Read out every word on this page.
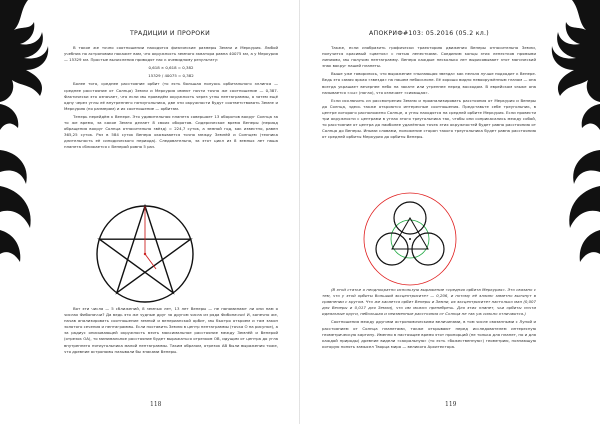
ТРАДИЦИИ И ПРОРОКИ

В такое же точно соотношении находятся физические размеры Земли и Меркурия. Любой учебник по астрономии покажет вам, что окружность земного экватора равна 40075 км, а у Меркурия — 15329 км. Простые вычисления приводят нас к очевидному результату:

0,618 × 0,618 = 0,382

15329 / 40075 = 0,382

Более того, среднее расстояние орбит (то есть большая полуось орбитального эллипса — среднее расстояние от Солнца) Земли и Меркурия имеют почти точно же соотношение — 0,387. Фактически это означает, что если мы проведём окружность через углы пентаграммы, а затем ещё одну через углы её внутреннего пятиугольника, две эти окружности будут соответствовать Земле и Меркурию (по размерам) и их соотношение — орбитам.

Теперь перейдём к Венере. Это удивительная планета совершает 13 оборотов вокруг Солнца за то же время, за какое Земля делает 8 своих оборотов. Сидерическое время Венеры (период обращения вокруг Солнца относительно звёзд) = 224,7 суток, а земной год, как известно, равен 365,25 суток. Раз в 584 суток Венера оказывается точно между Землёй и Солнцем (техника длительность её синодического периода). Следовательно, за этот цикл из 8 земных лет наша планета сближается с Венерой ровно 5 раз.

Вот эти числа — 5 сближений, 8 земных лет, 13 лет Венеры — не напоминают ли они нам о числах Фибоначчи? Да ведь это же чудные друг за другом числа из ряда Фибоначчи! И, конечно же, начав анализировать соотношение земной и венерианской орбит, мы быстро откроем и там закон золотого сечения и пентаграммы. Если поставить Землю в центр пентаграммы (точка О на рисунке), а за радиус описывающей окружность взять максимальное расстояние между Землёй и Венерой (отрезок OA), то минимальное расстояние будет выражаться отрезком OB, идущим от центра до угла внутреннего пятиугольника малой пентаграммы. Таким образом, отрезок AB были выражения тоже, что древние астрономы называли бы знаками Венеры.

118
АПОКРИФ#103: 05.2016 (05.2 кл.)

Также, если изобразить графически траекторию движения Венеры относительно Земли, получится красивый «цветок» с пятью лепестками. Соединим концы этих лепестков прямыми линиями, мы получим пентаграмму. Венера каждые несколько лет вырисовывает этот магический знак вокруг нашей планеты.

Выше уже говорилось, что выражение «пылающая звезда» как нельзя лучше подходит к Венере. Ведь это самая яркая «звезда» на нашем небосклоне. Её хорошо видно невооружённым глазом — она всегда украшает вечернее небо на закате или утреннее перед восходом. В еврейском языке она называется «נגה» (ногах), что означает «сияющая».

Если исключить из рассмотрения Землю и проанализировать расстояния от Меркурия и Венеры до Солнца, здесь также откроются интересные соотношения. Представьте себе треугольник, в центре которого расположено Солнце, а углы находятся на средней орбите Меркурия. Если провести три окружности с центрами в углах этого треугольника так, чтобы они соприкасались между собой, то расстояние от центра до наиболее удалённых точек этих окружностей будет равно расстоянию от Солнца до Венеры. Иными словами, положение сторон такого треугольника будет равна расстоянию от средней орбиты Меркурия до орбиты Венеры.

(В этой статье я неоднократно использую выражение «средняя орбита Меркурия». Это связано с тем, что у этой орбиты больший эксцентриситет — 0,206, и потому её эллипс заметно вытянут в сравнении с кругом. Что же касается орбит Венеры и Земли, их эксцентриситет настолько мал (0,007 для Венеры и 0,017 для Земли), что им можно пренебречь. Для этих планет, чьи орбиты почти идеальные круги, небольшая и неизменные расстояния от Солнца не так уж сильно отличаются.)

Соотношения между другими астрономическими величинами, в том числе связанными с Луной и расстоянием от Солнца планетами, также открывают перед исследователем интересную геометрическую картину. Именно в настоящее время этот пропорций (не только для планет, но и для каждой природы) древние видели «сакральную» (то есть «божественную») геометрию, познающую которую понять замысел Творца мира — великого Архитектора.

119
